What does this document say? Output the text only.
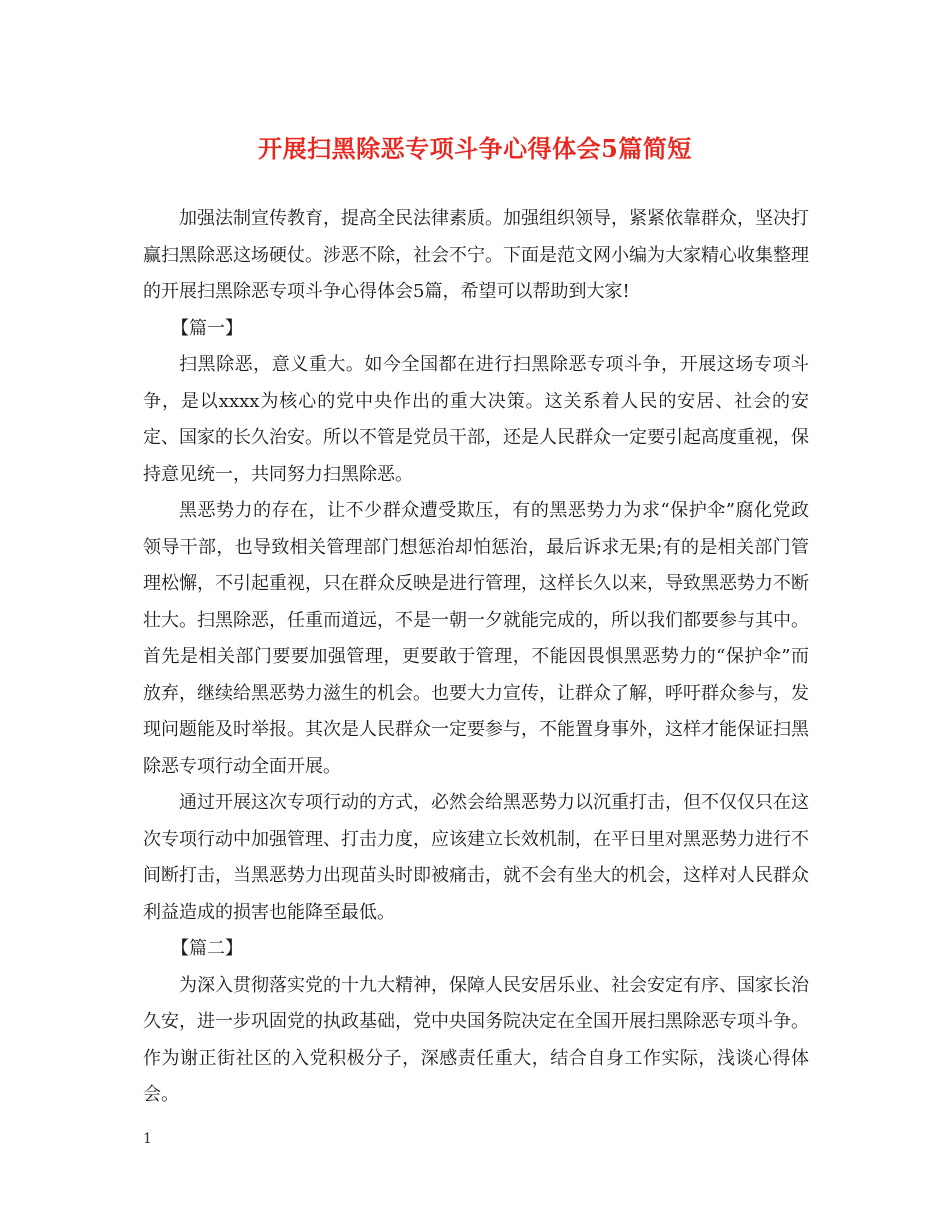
开展扫黑除恶专项斗争心得体会5篇简短

加强法制宣传教育，提高全民法律素质。加强组织领导，紧紧依靠群众，坚决打赢扫黑除恶这场硬仗。涉恶不除，社会不宁。下面是范文网小编为大家精心收集整理的开展扫黑除恶专项斗争心得体会5篇，希望可以帮助到大家!

【篇一】

扫黑除恶，意义重大。如今全国都在进行扫黑除恶专项斗争，开展这场专项斗争，是以xxxx为核心的党中央作出的重大决策。这关系着人民的安居、社会的安定、国家的长久治安。所以不管是党员干部，还是人民群众一定要引起高度重视，保持意见统一，共同努力扫黑除恶。

黑恶势力的存在，让不少群众遭受欺压，有的黑恶势力为求“保护伞”腐化党政领导干部，也导致相关管理部门想惩治却怕惩治，最后诉求无果;有的是相关部门管理松懈，不引起重视，只在群众反映是进行管理，这样长久以来，导致黑恶势力不断壮大。扫黑除恶，任重而道远，不是一朝一夕就能完成的，所以我们都要参与其中。首先是相关部门要要加强管理，更要敢于管理，不能因畏惧黑恶势力的“保护伞”而放弃，继续给黑恶势力滋生的机会。也要大力宣传，让群众了解，呼吁群众参与，发现问题能及时举报。其次是人民群众一定要参与，不能置身事外，这样才能保证扫黑除恶专项行动全面开展。

通过开展这次专项行动的方式，必然会给黑恶势力以沉重打击，但不仅仅只在这次专项行动中加强管理、打击力度，应该建立长效机制，在平日里对黑恶势力进行不间断打击，当黑恶势力出现苗头时即被痛击，就不会有坐大的机会，这样对人民群众利益造成的损害也能降至最低。

【篇二】

为深入贯彻落实党的十九大精神，保障人民安居乐业、社会安定有序、国家长治久安，进一步巩固党的执政基础，党中央国务院决定在全国开展扫黑除恶专项斗争。作为谢正街社区的入党积极分子，深感责任重大，结合自身工作实际，浅谈心得体会。

1
